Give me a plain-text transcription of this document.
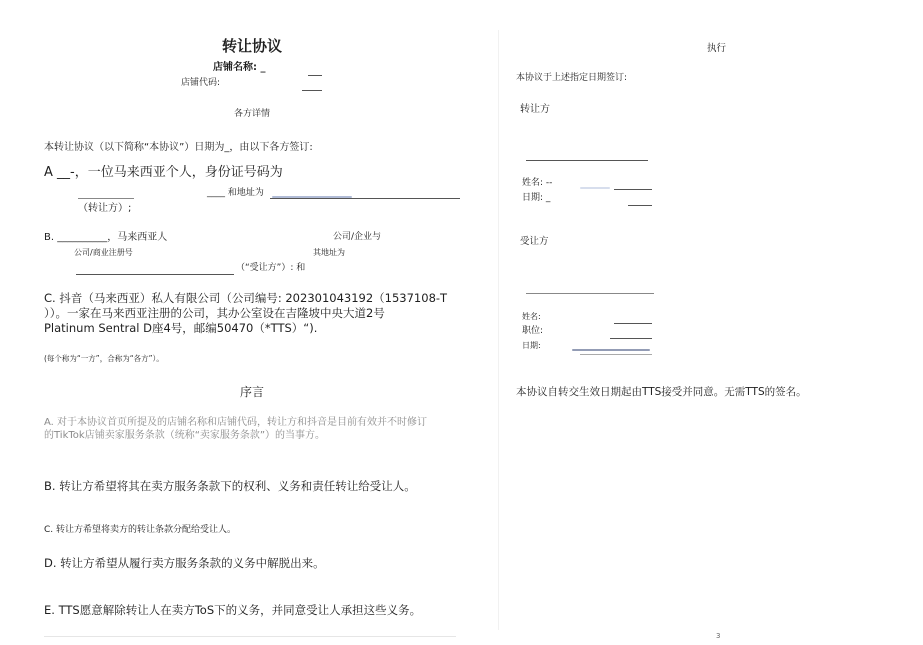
转让协议
店铺名称: _
店铺代码:
各方详情
本转让协议（以下简称“本协议”）日期为_，由以下各方签订:
A __-，一位马来西亚个人，身份证号码为
____ 和地址为
（转让方）;
B. __________，马来西亚人	公司/企业与
公司/商业注册号	其地址为
（“受让方”）: 和
C. 抖音（马来西亚）私人有限公司（公司编号: 202301043192（1537108-T
））。一家在马来西亚注册的公司，其办公室设在吉隆坡中央大道2号
Platinum Sentral D座4号，邮编50470（*TTS）“).
(每个称为“一方”，合称为“各方”）。
序言
A. 对于本协议首页所提及的店铺名称和店铺代码，转让方和抖音是目前有效并不时修订
的TikTok店铺卖家服务条款（统称“卖家服务条款”）的当事方。
B. 转让方希望将其在卖方服务条款下的权利、义务和责任转让给受让人。
C. 转让方希望将卖方的转让条款分配给受让人。
D. 转让方希望从履行卖方服务条款的义务中解脱出来。
E. TTS愿意解除转让人在卖方ToS下的义务，并同意受让人承担这些义务。
执行
本协议于上述指定日期签订:
转让方
姓名: --
日期: _
受让方
姓名:
职位:
日期:
本协议自转交生效日期起由TTS接受并同意。无需TTS的签名。
3
